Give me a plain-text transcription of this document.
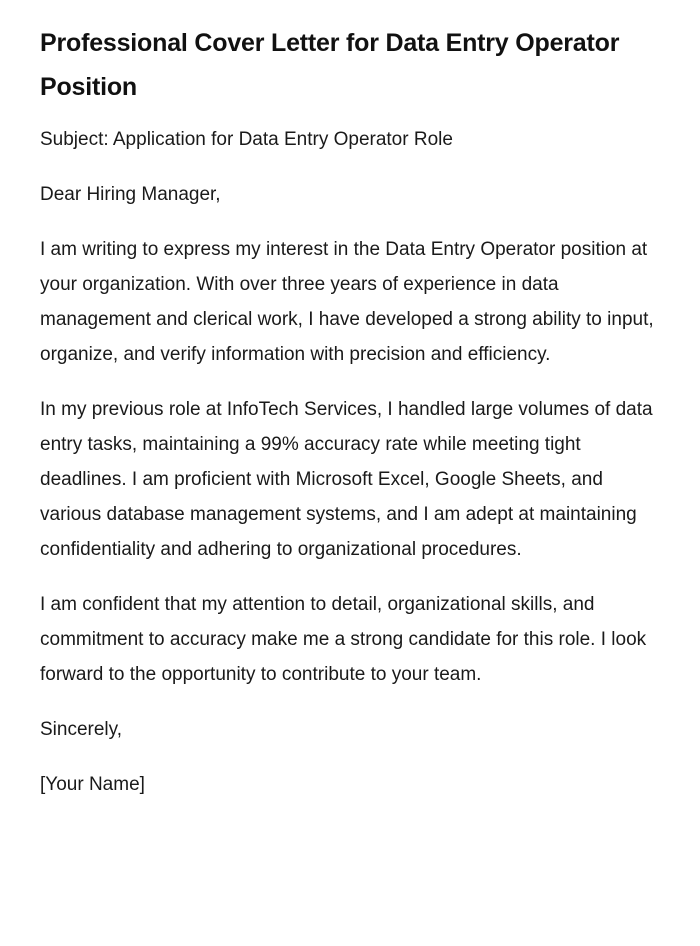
Professional Cover Letter for Data Entry Operator Position

Subject: Application for Data Entry Operator Role

Dear Hiring Manager,

I am writing to express my interest in the Data Entry Operator position at your organization. With over three years of experience in data management and clerical work, I have developed a strong ability to input, organize, and verify information with precision and efficiency.

In my previous role at InfoTech Services, I handled large volumes of data entry tasks, maintaining a 99% accuracy rate while meeting tight deadlines. I am proficient with Microsoft Excel, Google Sheets, and various database management systems, and I am adept at maintaining confidentiality and adhering to organizational procedures.

I am confident that my attention to detail, organizational skills, and commitment to accuracy make me a strong candidate for this role. I look forward to the opportunity to contribute to your team.

Sincerely,

[Your Name]
